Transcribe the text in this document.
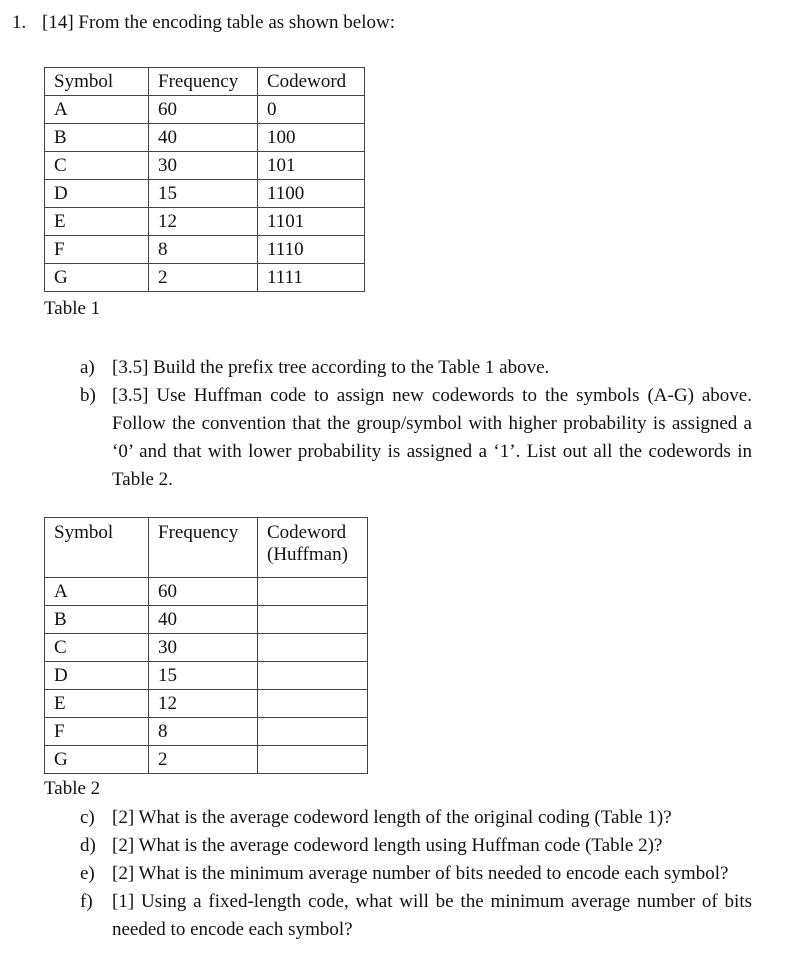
1. [14] From the encoding table as shown below:
Symbol	Frequency	Codeword
A	60	0
B	40	100
C	30	101
D	15	1100
E	12	1101
F	8	1110
G	2	1111
Table 1
a) [3.5] Build the prefix tree according to the Table 1 above.
b) [3.5] Use Huffman code to assign new codewords to the symbols (A-G) above. Follow the convention that the group/symbol with higher probability is assigned a ‘0’ and that with lower probability is assigned a ‘1’. List out all the codewords in Table 2.
Symbol	Frequency	Codeword (Huffman)
A	60	
B	40	
C	30	
D	15	
E	12	
F	8	
G	2	
Table 2
c) [2] What is the average codeword length of the original coding (Table 1)?
d) [2] What is the average codeword length using Huffman code (Table 2)?
e) [2] What is the minimum average number of bits needed to encode each symbol?
f)	[1] Using a fixed-length code, what will be the minimum average number of bits needed to encode each symbol?
